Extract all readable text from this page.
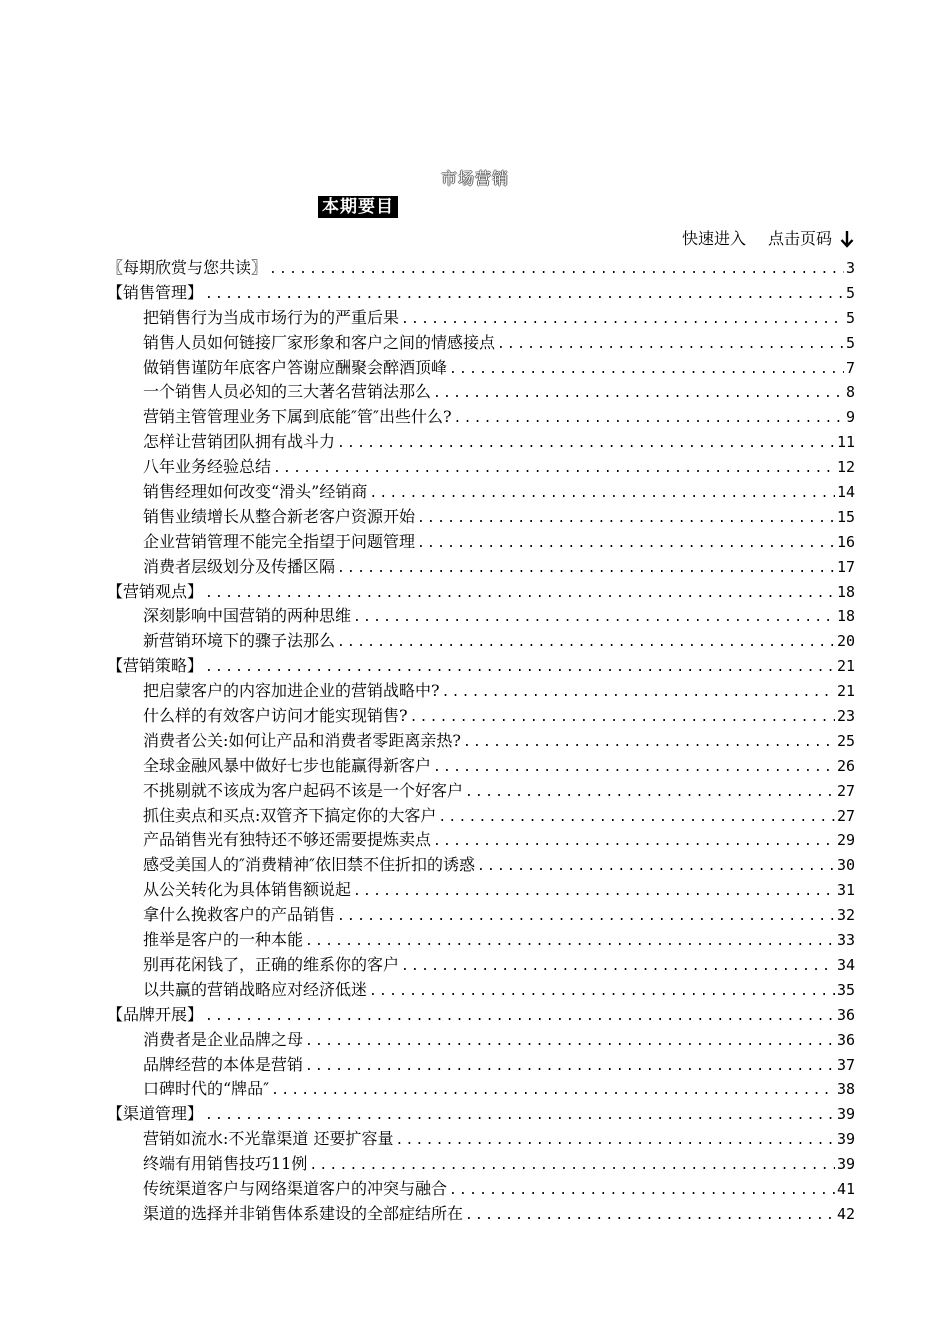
市场营销
本期要目
快速进入 点击页码
〖每期欣赏与您共读〗 .....	3
【销售管理】 .....	5
把销售行为当成市场行为的严重后果 .....	5
销售人员如何链接厂家形象和客户之间的情感接点 .....	5
做销售谨防年底客户答谢应酬聚会醉酒顶峰 .....	7
一个销售人员必知的三大著名营销法那么 .....	8
营销主管管理业务下属到底能″管″出些什么? .....	9
怎样让营销团队拥有战斗力 .....	11
八年业务经验总结 .....	12
销售经理如何改变“滑头”经销商 .....	14
销售业绩增长从整合新老客户资源开始 .....	15
企业营销管理不能完全指望于问题管理 .....	16
消费者层级划分及传播区隔 .....	17
【营销观点】 .....	18
深刻影响中国营销的两种思维 .....	18
新营销环境下的骤子法那么 .....	20
【营销策略】 .....	21
把启蒙客户的内容加进企业的营销战略中? .....	21
什么样的有效客户访问才能实现销售? .....	23
消费者公关:如何让产品和消费者零距离亲热? .....	25
全球金融风暴中做好七步也能赢得新客户 .....	26
不挑剔就不该成为客户起码不该是一个好客户 .....	27
抓住卖点和买点:双管齐下搞定你的大客户 .....	27
产品销售光有独特还不够还需要提炼卖点 .....	29
感受美国人的″消费精神″依旧禁不住折扣的诱惑 .....	30
从公关转化为具体销售额说起 .....	31
拿什么挽救客户的产品销售 .....	32
推举是客户的一种本能 .....	33
别再花闲钱了，正确的维系你的客户 .....	34
以共赢的营销战略应对经济低迷 .....	35
【品牌开展】 .....	36
消费者是企业品牌之母 .....	36
品牌经营的本体是营销 .....	37
口碑时代的“牌品″ .....	38
【渠道管理】 .....	39
营销如流水:不光靠渠道 还要扩容量 .....	39
终端有用销售技巧11例 .....	39
传统渠道客户与网络渠道客户的冲突与融合 .....	41
渠道的选择并非销售体系建设的全部症结所在 .....	42
